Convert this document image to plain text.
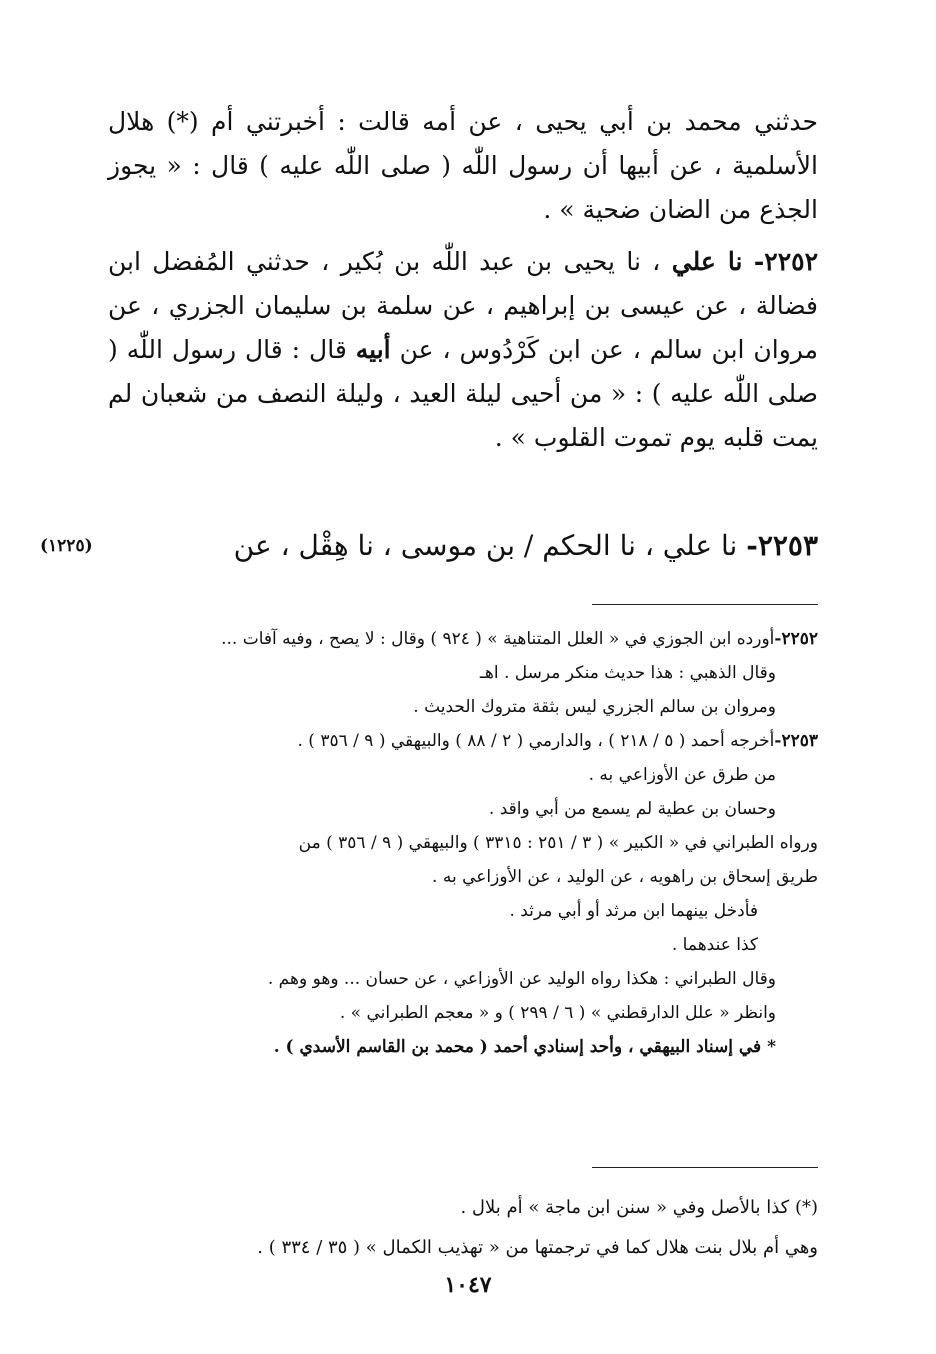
حدثني محمد بن أبي يحيى ، عن أمه قالت : أخبرتني أم (*) هلال الأسلمية ، عن أبيها أن رسول اللّٰه ( صلى اللّٰه عليه ) قال : « يجوز الجذع من الضان ضحية » .

٢٢٥٢- نا علي ، نا يحيى بن عبد اللّٰه بن بُكير ، حدثني المُفضل ابن فضالة ، عن عيسى بن إبراهيم ، عن سلمة بن سليمان الجزري ، عن مروان ابن سالم ، عن ابن كَرْدُوس ، عن أبيه قال : قال رسول اللّٰه ( صلى اللّٰه عليه ) : « من أحيى ليلة العيد ، وليلة النصف من شعبان لم يمت قلبه يوم تموت القلوب » .

٢٢٥٣- نا علي ، نا الحكم / بن موسى ، نا هِقْل ، عن
(١٢٢٥)

٢٢٥٢-أورده ابن الجوزي في « العلل المتناهية » ( ٩٢٤ ) وقال : لا يصح ، وفيه آفات ...

وقال الذهبي : هذا حديث منكر مرسل . اهـ

ومروان بن سالم الجزري ليس بثقة متروك الحديث .

٢٢٥٣-أخرجه أحمد ( ٥ / ٢١٨ ) ، والدارمي ( ٢ / ٨٨ ) والبيهقي ( ٩ / ٣٥٦ ) .

من طرق عن الأوزاعي به .

وحسان بن عطية لم يسمع من أبي واقد .

ورواه الطبراني في « الكبير » ( ٣ / ٢٥١ : ٣٣١٥ ) والبيهقي ( ٩ / ٣٥٦ ) من

طريق إسحاق بن راهويه ، عن الوليد ، عن الأوزاعي به .

فأدخل بينهما ابن مرثد أو أبي مرثد .

كذا عندهما .

وقال الطبراني : هكذا رواه الوليد عن الأوزاعي ، عن حسان ... وهو وهم .

وانظر « علل الدارقطني » ( ٦ / ٢٩٩ ) و « معجم الطبراني » .

* في إسناد البيهقي ، وأحد إسنادي أحمد ( محمد بن القاسم الأسدي ) .

(*) كذا بالأصل وفي « سنن ابن ماجة » أم بلال .

وهي أم بلال بنت هلال كما في ترجمتها من « تهذيب الكمال » ( ٣٥ / ٣٣٤ ) .

١٠٤٧
